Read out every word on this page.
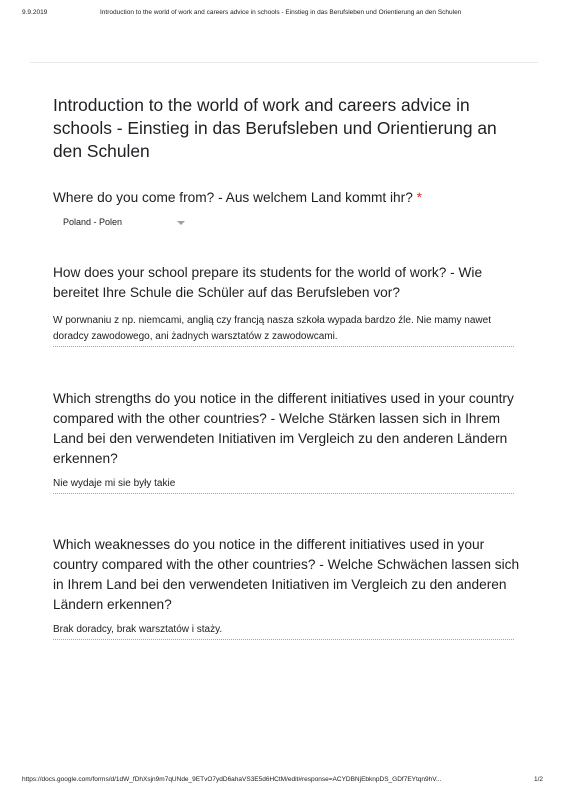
9.9.2019	Introduction to the world of work and careers advice in schools - Einstieg in das Berufsleben und Orientierung an den Schulen
Introduction to the world of work and careers advice in schools - Einstieg in das Berufsleben und Orientierung an den Schulen

Where do you come from? - Aus welchem Land kommt ihr? *

Poland - Polen

How does your school prepare its students for the world of work? - Wie bereitet Ihre Schule die Schüler auf das Berufsleben vor?

W porwnaniu z np. niemcami, anglią czy francją nasza szkoła wypada bardzo źle. Nie mamy nawet doradcy zawodowego, ani żadnych warsztatów z zawodowcami.

Which strengths do you notice in the different initiatives used in your country compared with the other countries? - Welche Stärken lassen sich in Ihrem Land bei den verwendeten Initiativen im Vergleich zu den anderen Ländern erkennen?

Nie wydaje mi sie były takie

Which weaknesses do you notice in the different initiatives used in your country compared with the other countries? - Welche Schwächen lassen sich in Ihrem Land bei den verwendeten Initiativen im Vergleich zu den anderen Ländern erkennen?

Brak doradcy, brak warsztatów i staży.
https://docs.google.com/forms/d/1dW_fDhXsjn9m7qUNde_9ETvO7ydD6ahaVS3E5d6HCtM/edit#response=ACYDBNjEbknpDS_GDf7EYtqn9hV...	1/2
